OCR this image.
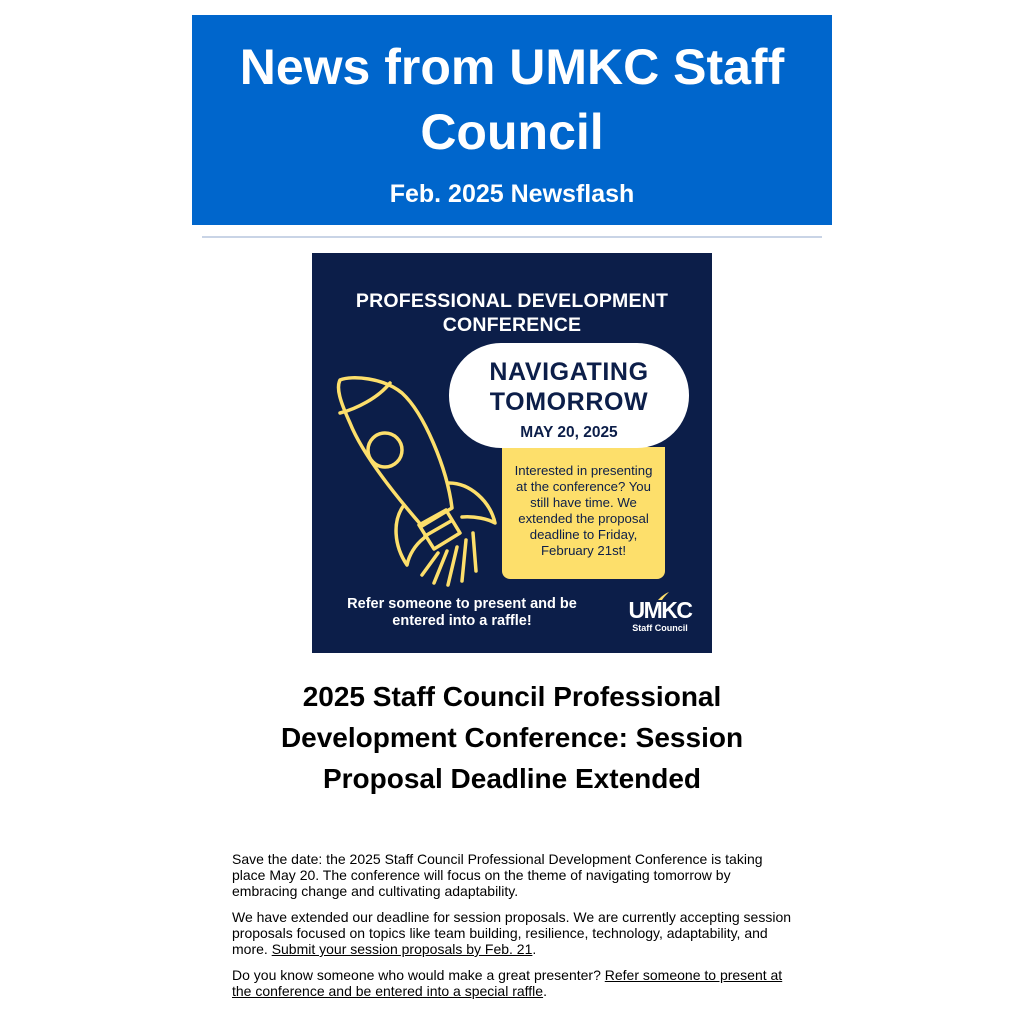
News from UMKC Staff Council
Feb. 2025 Newsflash
PROFESSIONAL DEVELOPMENT
CONFERENCE
Interested in presenting at the conference? You still have time. We extended the proposal deadline to Friday, February 21st!

NAVIGATING
TOMORROW

MAY 20, 2025

Refer someone to present and be
entered into a raffle!	UMKC
Staff Council
2025 Staff Council Professional Development Conference: Session Proposal Deadline Extended

Save the date: the 2025 Staff Council Professional Development Conference is taking place May 20. The conference will focus on the theme of navigating tomorrow by embracing change and cultivating adaptability.

We have extended our deadline for session proposals. We are currently accepting session proposals focused on topics like team building, resilience, technology, adaptability, and more. Submit your session proposals by Feb. 21.

Do you know someone who would make a great presenter? Refer someone to present at the conference and be entered into a special raffle.
